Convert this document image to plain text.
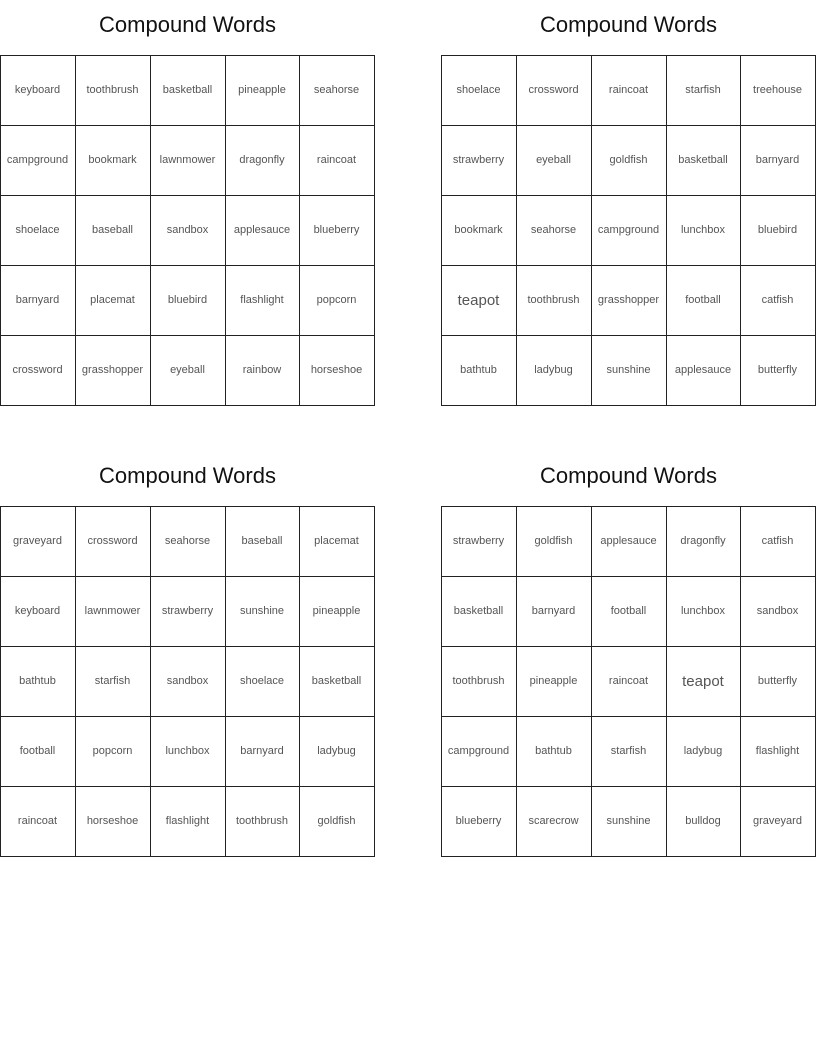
Compound Words
keyboard	toothbrush	basketball	pineapple	seahorse
campground	bookmark	lawnmower	dragonfly	raincoat
shoelace	baseball	sandbox	applesauce	blueberry
barnyard	placemat	bluebird	flashlight	popcorn
crossword	grasshopper	eyeball	rainbow	horseshoe
Compound Words
shoelace	crossword	raincoat	starfish	treehouse
strawberry	eyeball	goldfish	basketball	barnyard
bookmark	seahorse	campground	lunchbox	bluebird
teapot	toothbrush	grasshopper	football	catfish
bathtub	ladybug	sunshine	applesauce	butterfly
Compound Words
graveyard	crossword	seahorse	baseball	placemat
keyboard	lawnmower	strawberry	sunshine	pineapple
bathtub	starfish	sandbox	shoelace	basketball
football	popcorn	lunchbox	barnyard	ladybug
raincoat	horseshoe	flashlight	toothbrush	goldfish
Compound Words
strawberry	goldfish	applesauce	dragonfly	catfish
basketball	barnyard	football	lunchbox	sandbox
toothbrush	pineapple	raincoat	teapot	butterfly
campground	bathtub	starfish	ladybug	flashlight
blueberry	scarecrow	sunshine	bulldog	graveyard
